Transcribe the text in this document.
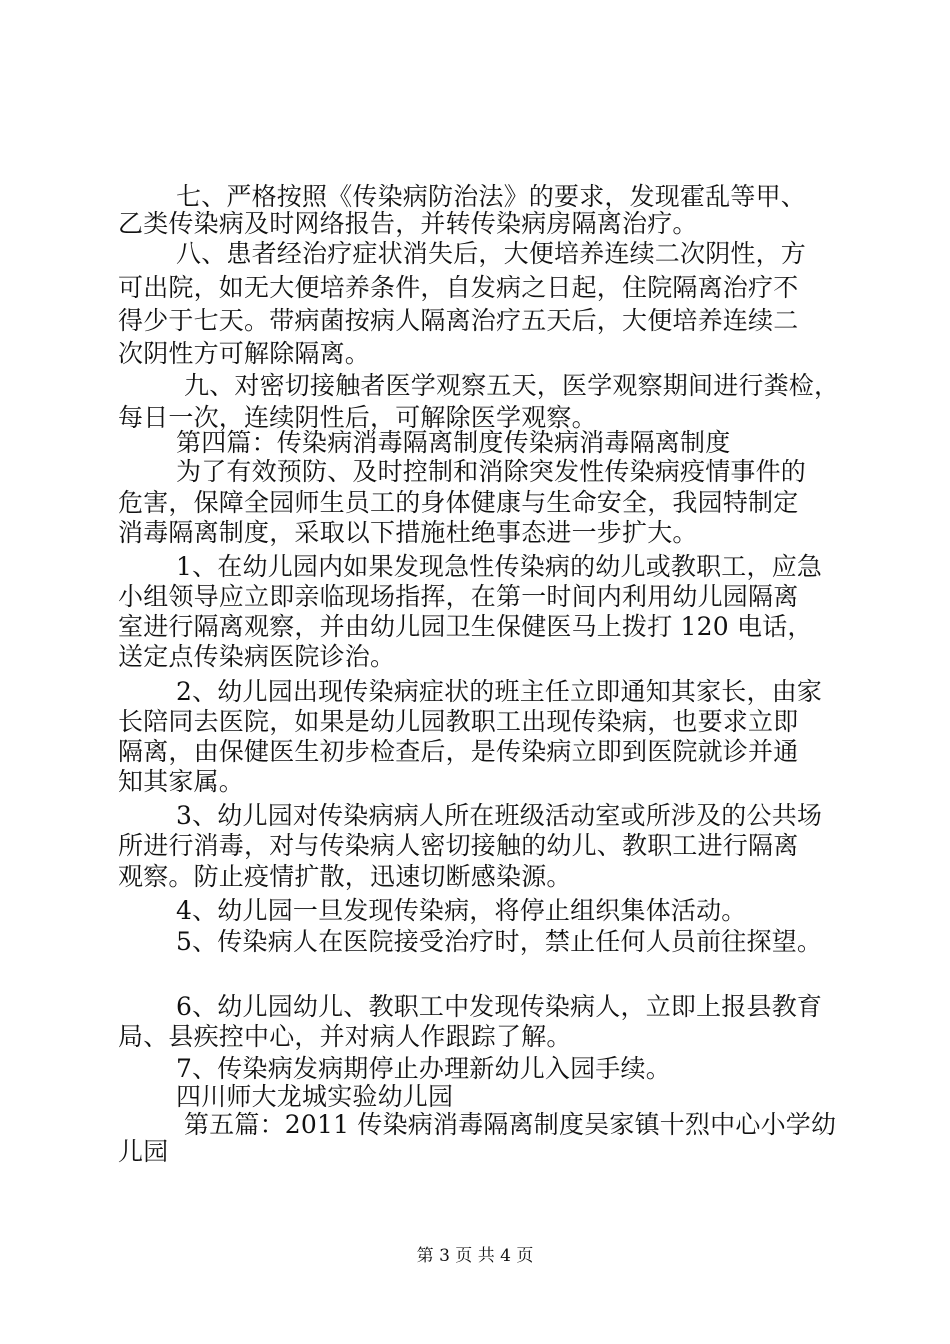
七、严格按照《传染病防治法》的要求，发现霍乱等甲、
乙类传染病及时网络报告，并转传染病房隔离治疗。
八、患者经治疗症状消失后，大便培养连续二次阴性，方
可出院，如无大便培养条件，自发病之日起，住院隔离治疗不
得少于七天。带病菌按病人隔离治疗五天后，大便培养连续二
次阴性方可解除隔离。
九、对密切接触者医学观察五天，医学观察期间进行粪检，
每日一次，连续阴性后，可解除医学观察。
第四篇：传染病消毒隔离制度传染病消毒隔离制度
为了有效预防、及时控制和消除突发性传染病疫情事件的
危害，保障全园师生员工的身体健康与生命安全，我园特制定
消毒隔离制度，采取以下措施杜绝事态进一步扩大。
1、在幼儿园内如果发现急性传染病的幼儿或教职工，应急
小组领导应立即亲临现场指挥，在第一时间内利用幼儿园隔离
室进行隔离观察，并由幼儿园卫生保健医马上拨打 120 电话，
送定点传染病医院诊治。
2、幼儿园出现传染病症状的班主任立即通知其家长，由家
长陪同去医院，如果是幼儿园教职工出现传染病，也要求立即
隔离，由保健医生初步检查后，是传染病立即到医院就诊并通
知其家属。
3、幼儿园对传染病病人所在班级活动室或所涉及的公共场
所进行消毒，对与传染病人密切接触的幼儿、教职工进行隔离
观察。防止疫情扩散，迅速切断感染源。
4、幼儿园一旦发现传染病，将停止组织集体活动。
5、传染病人在医院接受治疗时，禁止任何人员前往探望。
6、幼儿园幼儿、教职工中发现传染病人，立即上报县教育
局、县疾控中心，并对病人作跟踪了解。
7、传染病发病期停止办理新幼儿入园手续。
四川师大龙城实验幼儿园
第五篇：2011 传染病消毒隔离制度吴家镇十烈中心小学幼
儿园
第 3 页 共 4 页
